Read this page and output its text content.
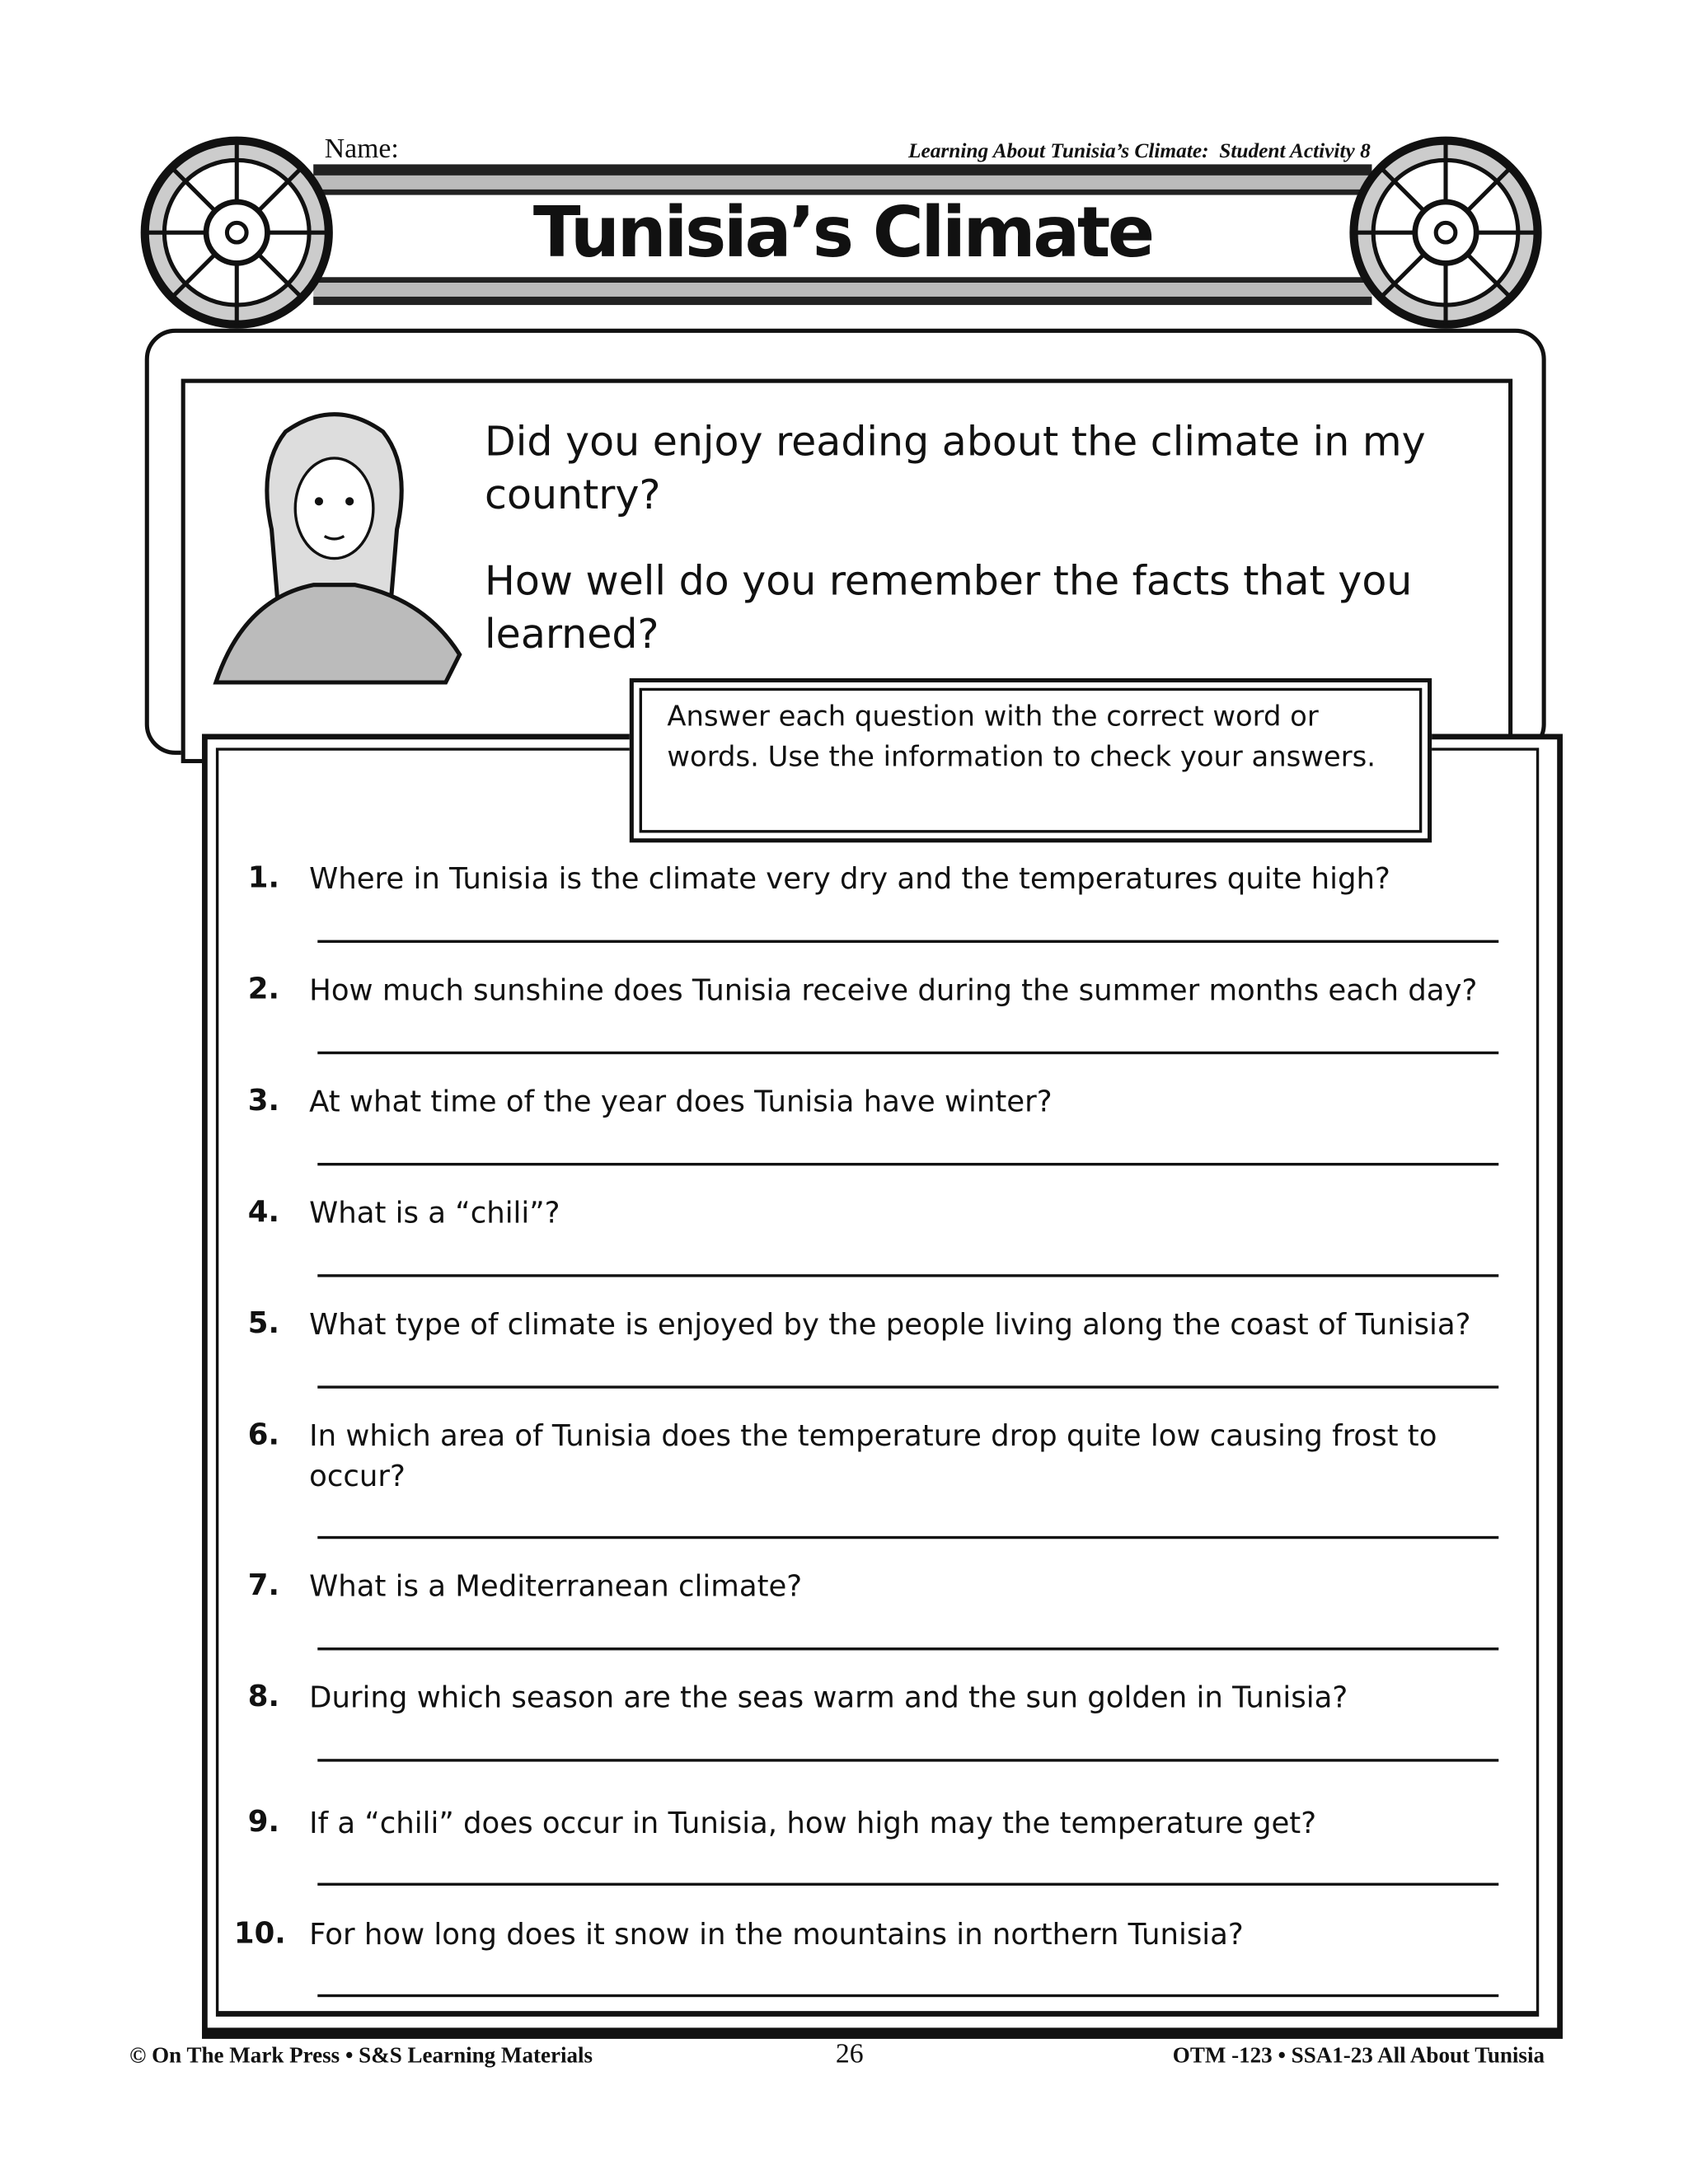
Name:	Learning About Tunisia’s Climate:  Student Activity 8
Tunisia’s Climate
Did you enjoy reading about the climate in my country?
How well do you remember the facts that you learned?
Answer each question with the correct word or words. Use the information to check your answers.
1. Where in Tunisia is the climate very dry and the temperatures quite high?
2. How much sunshine does Tunisia receive during the summer months each day?
3. At what time of the year does Tunisia have winter?
4. What is a “chili”?
5. What type of climate is enjoyed by the people living along the coast of Tunisia?
6. In which area of Tunisia does the temperature drop quite low causing frost to occur?
7. What is a Mediterranean climate?
8. During which season are the seas warm and the sun golden in Tunisia?
9. If a “chili” does occur in Tunisia, how high may the temperature get?
10. For how long does it snow in the mountains in northern Tunisia?
© On The Mark Press • S&S Learning Materials	26	OTM -123 • SSA1-23 All About Tunisia
